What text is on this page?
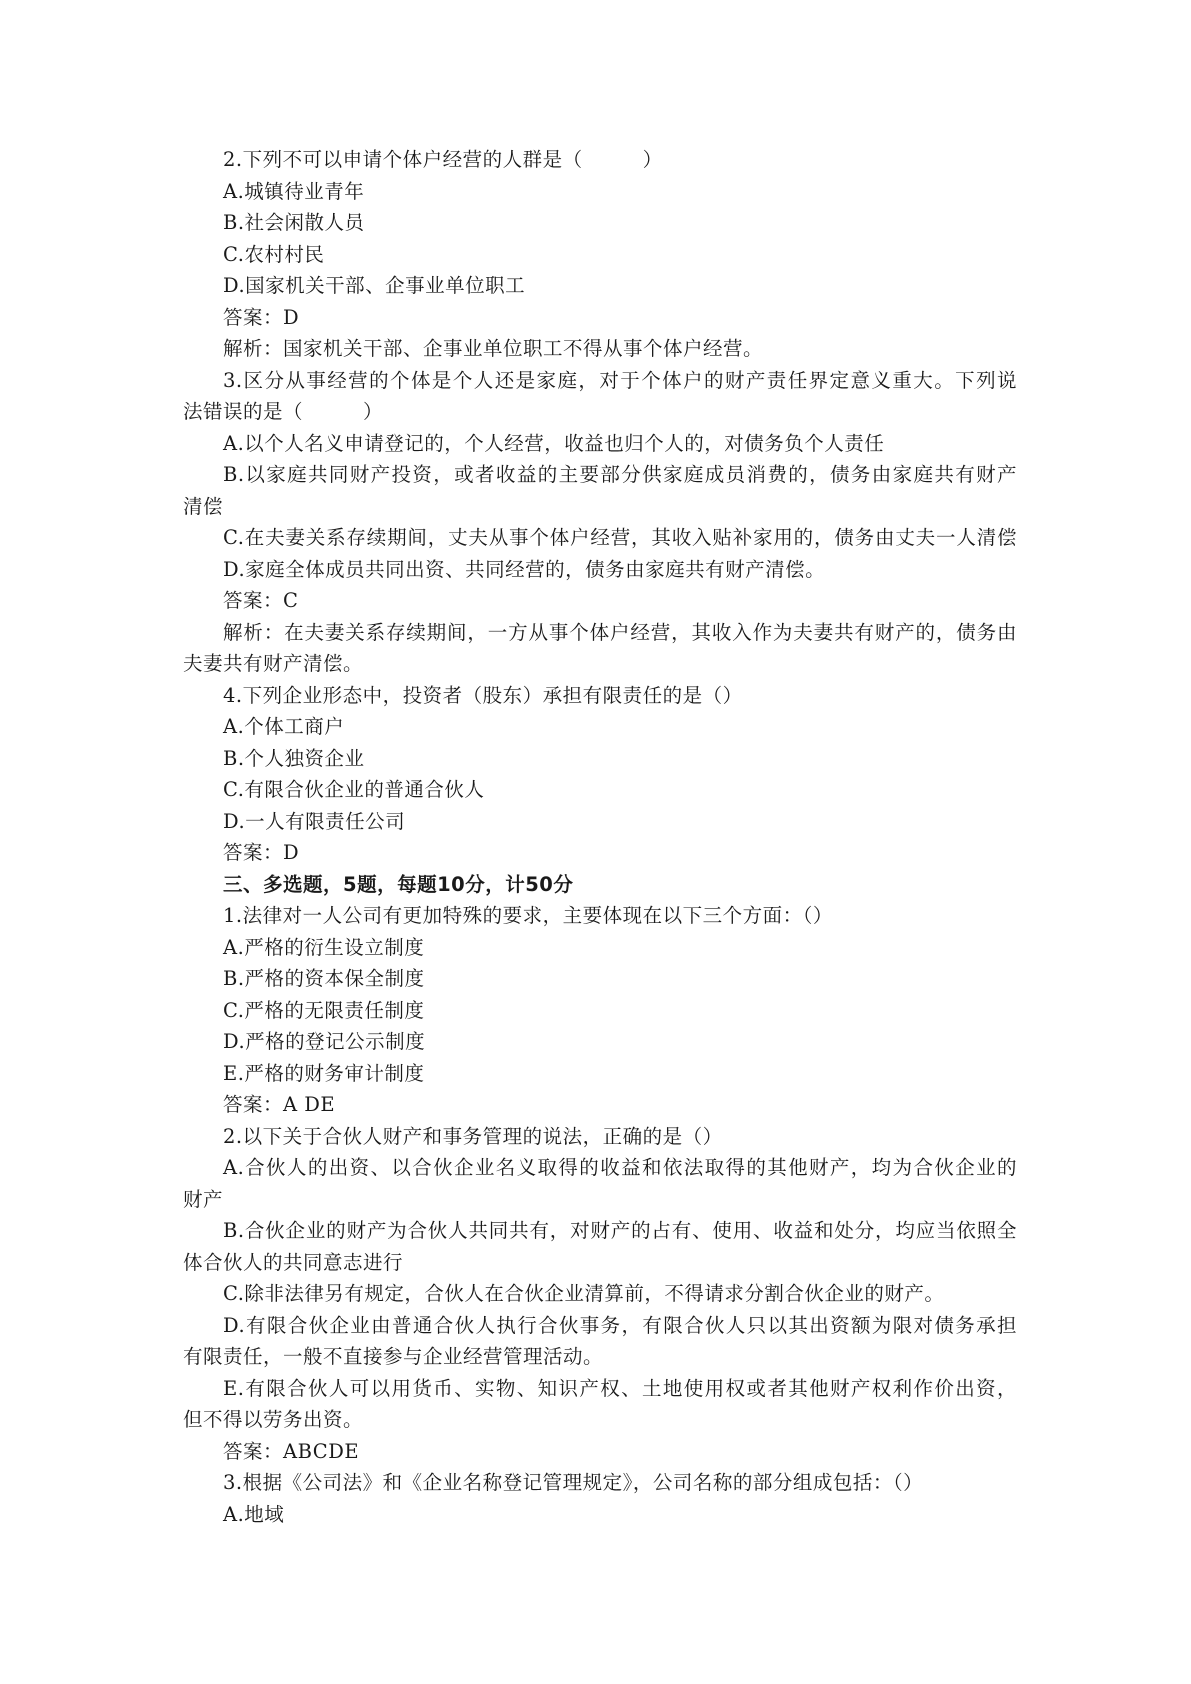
2.下列不可以申请个体户经营的人群是（　　　）
A.城镇待业青年
B.社会闲散人员
C.农村村民
D.国家机关干部、企事业单位职工
答案：D
解析：国家机关干部、企事业单位职工不得从事个体户经营。
3.区分从事经营的个体是个人还是家庭，对于个体户的财产责任界定意义重大。下列说
法错误的是（　　　）
A.以个人名义申请登记的，个人经营，收益也归个人的，对债务负个人责任
B.以家庭共同财产投资，或者收益的主要部分供家庭成员消费的，债务由家庭共有财产
清偿
C.在夫妻关系存续期间，丈夫从事个体户经营，其收入贴补家用的，债务由丈夫一人清偿
D.家庭全体成员共同出资、共同经营的，债务由家庭共有财产清偿。
答案：C
解析：在夫妻关系存续期间，一方从事个体户经营，其收入作为夫妻共有财产的，债务由
夫妻共有财产清偿。
4.下列企业形态中，投资者（股东）承担有限责任的是（）
A.个体工商户
B.个人独资企业
C.有限合伙企业的普通合伙人
D.一人有限责任公司
答案：D
三、多选题，5题，每题10分，计50分
1.法律对一人公司有更加特殊的要求，主要体现在以下三个方面：（）
A.严格的衍生设立制度
B.严格的资本保全制度
C.严格的无限责任制度
D.严格的登记公示制度
E.严格的财务审计制度
答案：A DE
2.以下关于合伙人财产和事务管理的说法，正确的是（）
A.合伙人的出资、以合伙企业名义取得的收益和依法取得的其他财产，均为合伙企业的
财产
B.合伙企业的财产为合伙人共同共有，对财产的占有、使用、收益和处分，均应当依照全
体合伙人的共同意志进行
C.除非法律另有规定，合伙人在合伙企业清算前，不得请求分割合伙企业的财产。
D.有限合伙企业由普通合伙人执行合伙事务，有限合伙人只以其出资额为限对债务承担
有限责任，一般不直接参与企业经营管理活动。
E.有限合伙人可以用货币、实物、知识产权、土地使用权或者其他财产权利作价出资，
但不得以劳务出资。
答案：ABCDE
3.根据《公司法》和《企业名称登记管理规定》，公司名称的部分组成包括：（）
A.地域
